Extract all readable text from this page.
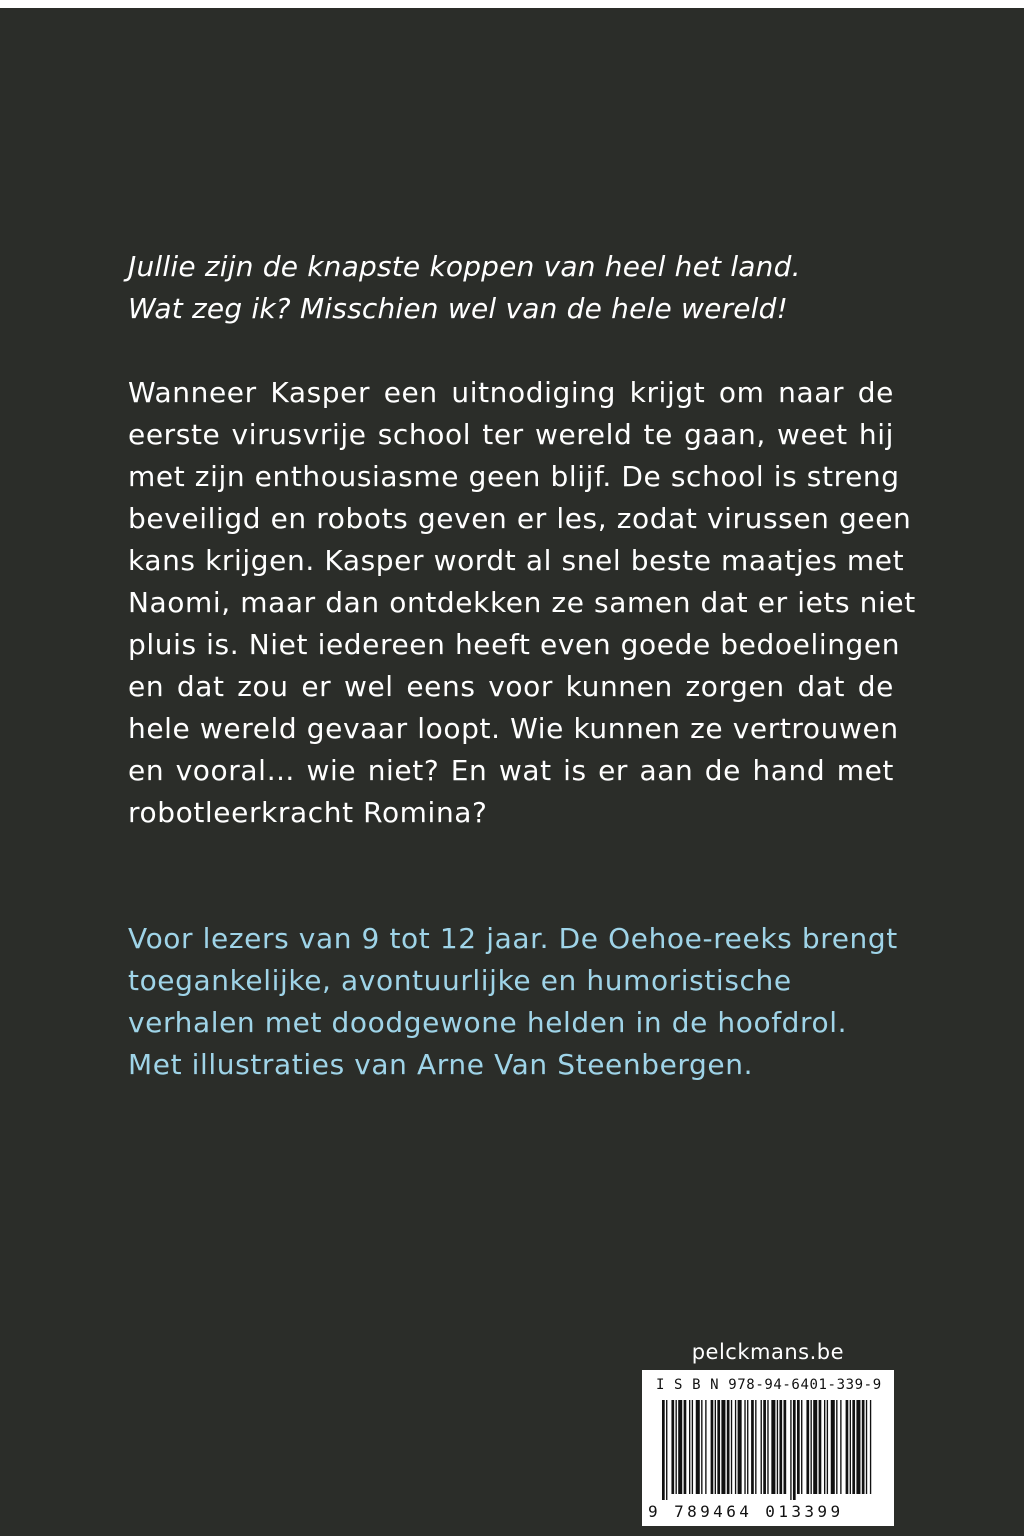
Jullie zijn de knapste koppen van heel het land.
Wat zeg ik? Misschien wel van de hele wereld!
Wanneer Kasper een uitnodiging krijgt om naar de
eerste virusvrije school ter wereld te gaan, weet hij
met zijn enthousiasme geen blijf. De school is streng
beveiligd en robots geven er les, zodat virussen geen
kans krijgen. Kasper wordt al snel beste maatjes met
Naomi, maar dan ontdekken ze samen dat er iets niet
pluis is. Niet iedereen heeft even goede bedoelingen
en dat zou er wel eens voor kunnen zorgen dat de
hele wereld gevaar loopt. Wie kunnen ze vertrouwen
en vooral… wie niet? En wat is er aan de hand met
robotleerkracht Romina?
Voor lezers van 9 tot 12 jaar. De Oehoe-reeks brengt
toegankelijke, avontuurlijke en humoristische
verhalen met doodgewone helden in de hoofdrol.
Met illustraties van Arne Van Steenbergen.
pelckmans.be
I S B N 978-94-6401-339-9
9 789464 013399
